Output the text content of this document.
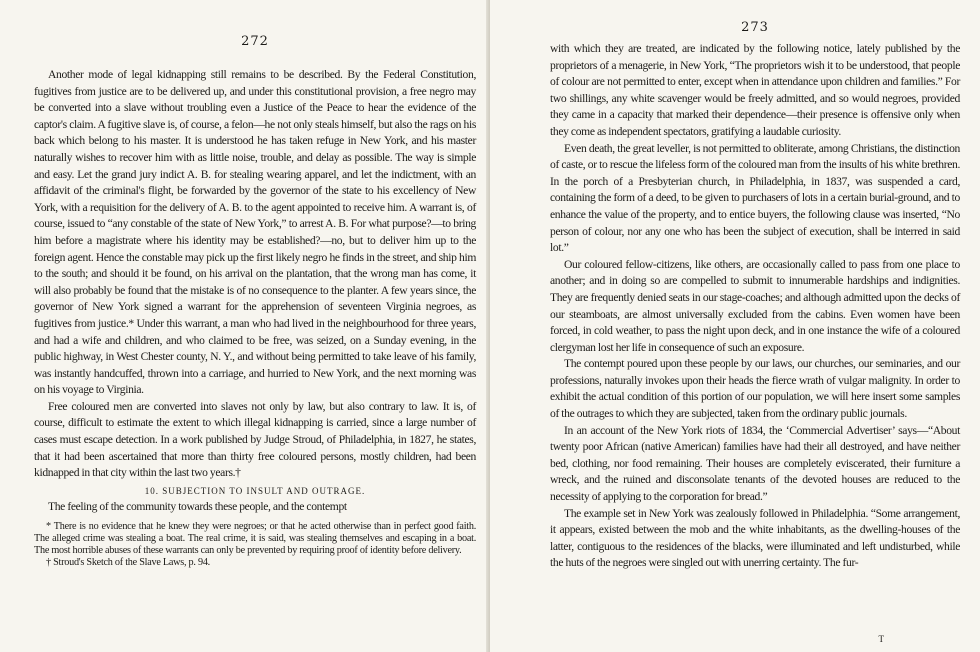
272

Another mode of legal kidnapping still remains to be described. By the Federal Constitution, fugitives from justice are to be delivered up, and under this constitutional provision, a free negro may be converted into a slave without troubling even a Justice of the Peace to hear the evidence of the captor's claim. A fugitive slave is, of course, a felon—he not only steals himself, but also the rags on his back which belong to his master. It is understood he has taken refuge in New York, and his master naturally wishes to recover him with as little noise, trouble, and delay as possible. The way is simple and easy. Let the grand jury indict A. B. for stealing wearing apparel, and let the indictment, with an affidavit of the criminal's flight, be forwarded by the governor of the state to his excellency of New York, with a requisition for the delivery of A. B. to the agent appointed to receive him. A warrant is, of course, issued to “any constable of the state of New York,” to arrest A. B. For what purpose?—to bring him before a magistrate where his identity may be established?—no, but to deliver him up to the foreign agent. Hence the constable may pick up the first likely negro he finds in the street, and ship him to the south; and should it be found, on his arrival on the plantation, that the wrong man has come, it will also probably be found that the mistake is of no consequence to the planter. A few years since, the governor of New York signed a warrant for the apprehension of seventeen Virginia negroes, as fugitives from justice.* Under this warrant, a man who had lived in the neighbourhood for three years, and had a wife and children, and who claimed to be free, was seized, on a Sunday evening, in the public highway, in West Chester county, N. Y., and without being permitted to take leave of his family, was instantly handcuffed, thrown into a carriage, and hurried to New York, and the next morning was on his voyage to Virginia.

Free coloured men are converted into slaves not only by law, but also contrary to law. It is, of course, difficult to estimate the extent to which illegal kidnapping is carried, since a large number of cases must escape detection. In a work published by Judge Stroud, of Philadelphia, in 1827, he states, that it had been ascertained that more than thirty free coloured persons, mostly children, had been kidnapped in that city within the last two years.†

10. SUBJECTION TO INSULT AND OUTRAGE.

The feeling of the community towards these people, and the contempt

* There is no evidence that he knew they were negroes; or that he acted otherwise than in perfect good faith. The alleged crime was stealing a boat. The real crime, it is said, was stealing themselves and escaping in a boat. The most horrible abuses of these warrants can only be prevented by requiring proof of identity before delivery.

† Stroud's Sketch of the Slave Laws, p. 94.

273

with which they are treated, are indicated by the following notice, lately published by the proprietors of a menagerie, in New York, “The proprietors wish it to be understood, that people of colour are not permitted to enter, except when in attendance upon children and families.” For two shillings, any white scavenger would be freely admitted, and so would negroes, provided they came in a capacity that marked their dependence—their presence is offensive only when they come as independent spectators, gratifying a laudable curiosity.

Even death, the great leveller, is not permitted to obliterate, among Christians, the distinction of caste, or to rescue the lifeless form of the coloured man from the insults of his white brethren. In the porch of a Presbyterian church, in Philadelphia, in 1837, was suspended a card, containing the form of a deed, to be given to purchasers of lots in a certain burial-ground, and to enhance the value of the property, and to entice buyers, the following clause was inserted, “No person of colour, nor any one who has been the subject of execution, shall be interred in said lot.”

Our coloured fellow-citizens, like others, are occasionally called to pass from one place to another; and in doing so are compelled to submit to innumerable hardships and indignities. They are frequently denied seats in our stage-coaches; and although admitted upon the decks of our steamboats, are almost universally excluded from the cabins. Even women have been forced, in cold weather, to pass the night upon deck, and in one instance the wife of a coloured clergyman lost her life in consequence of such an exposure.

The contempt poured upon these people by our laws, our churches, our seminaries, and our professions, naturally invokes upon their heads the fierce wrath of vulgar malignity. In order to exhibit the actual condition of this portion of our population, we will here insert some samples of the outrages to which they are subjected, taken from the ordinary public journals.

In an account of the New York riots of 1834, the ‘Commercial Advertiser’ says—“About twenty poor African (native American) families have had their all destroyed, and have neither bed, clothing, nor food remaining. Their houses are completely eviscerated, their furniture a wreck, and the ruined and disconsolate tenants of the devoted houses are reduced to the necessity of applying to the corporation for bread.”

The example set in New York was zealously followed in Philadelphia. “Some arrangement, it appears, existed between the mob and the white inhabitants, as the dwelling-houses of the latter, contiguous to the residences of the blacks, were illuminated and left undisturbed, while the huts of the negroes were singled out with unerring certainty. The fur-

T
